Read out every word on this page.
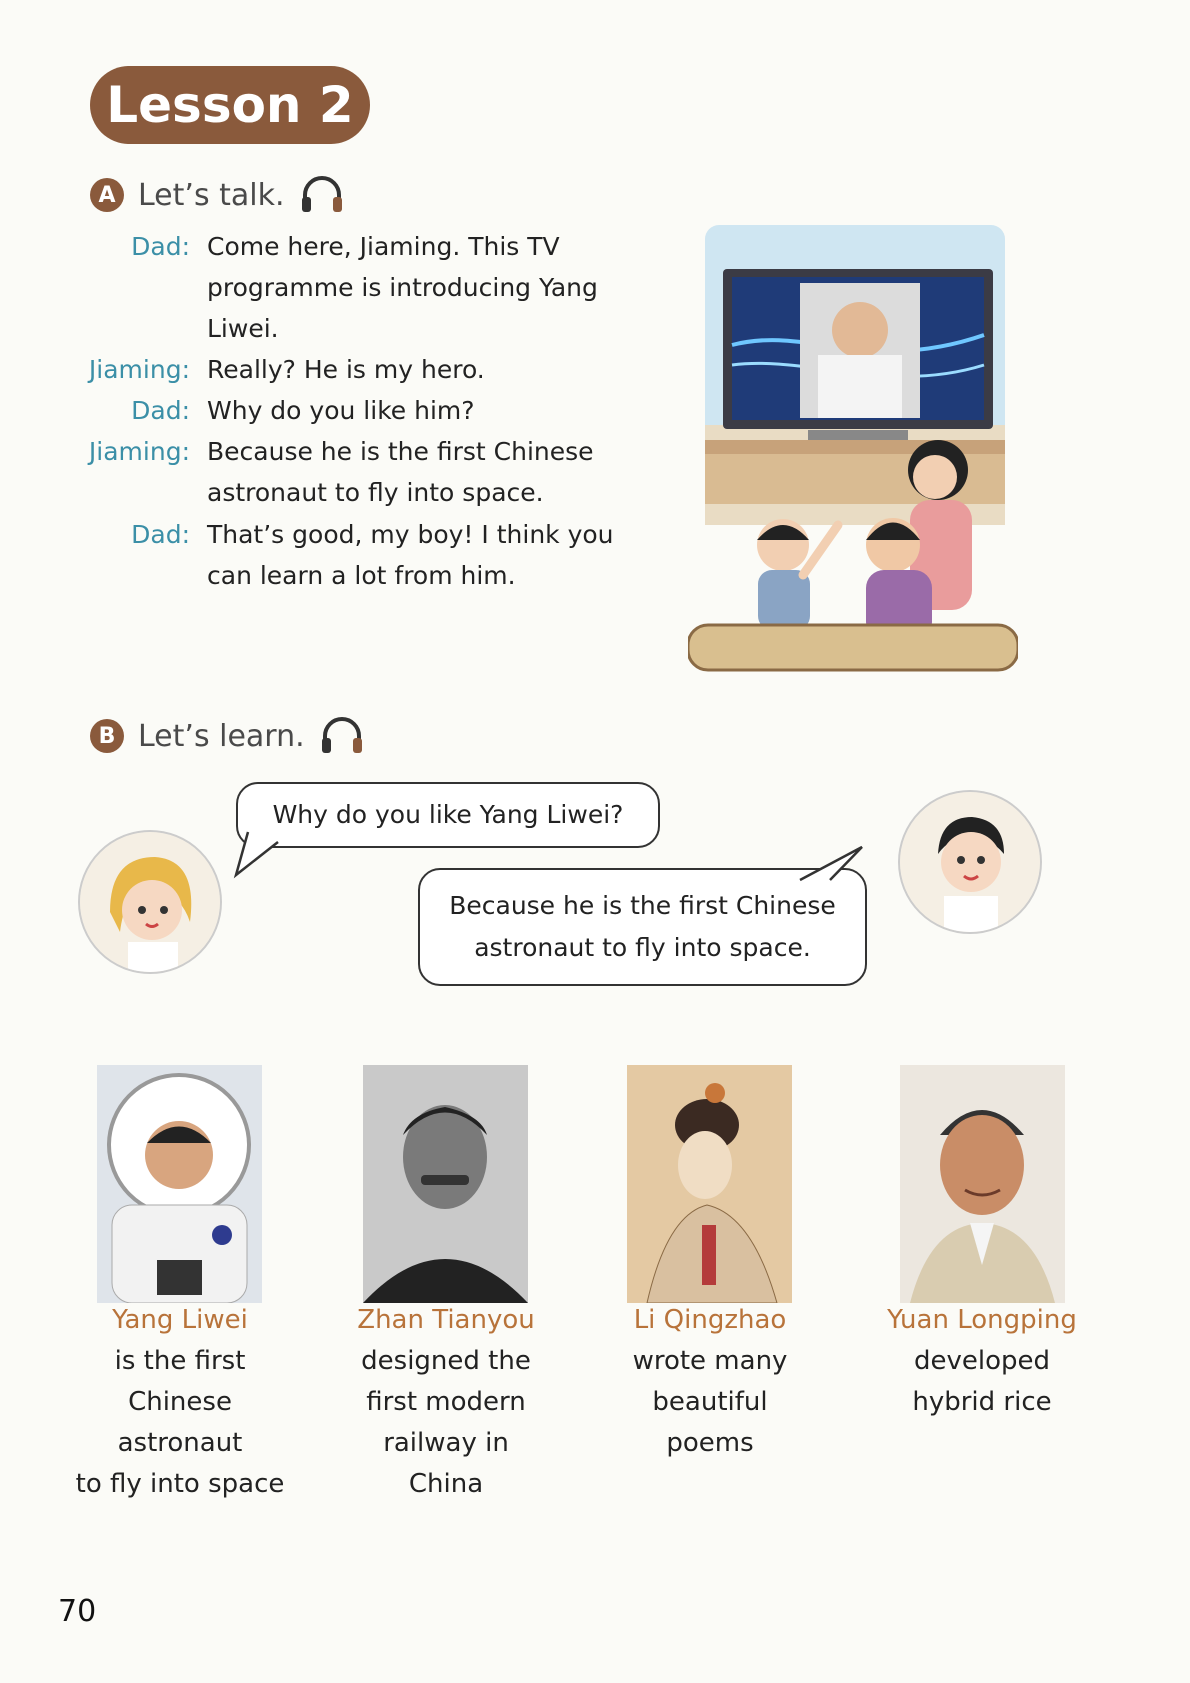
Lesson 2
A Let’s talk.
Dad: Come here, Jiaming. This TV
programme is introducing Yang
Liwei.
Jiaming: Really? He is my hero.
Dad: Why do you like him?
Jiaming: Because he is the first Chinese
astronaut to fly into space.
Dad: That’s good, my boy! I think you
can learn a lot from him.
B Let’s learn.
Why do you like Yang Liwei?
Because he is the first Chinese
astronaut to fly into space.
Yang Liwei
is the first
Chinese
astronaut
to fly into space
Zhan Tianyou
designed the
first modern
railway in
China
Li Qingzhao
wrote many
beautiful
poems
Yuan Longping
developed
hybrid rice
70
